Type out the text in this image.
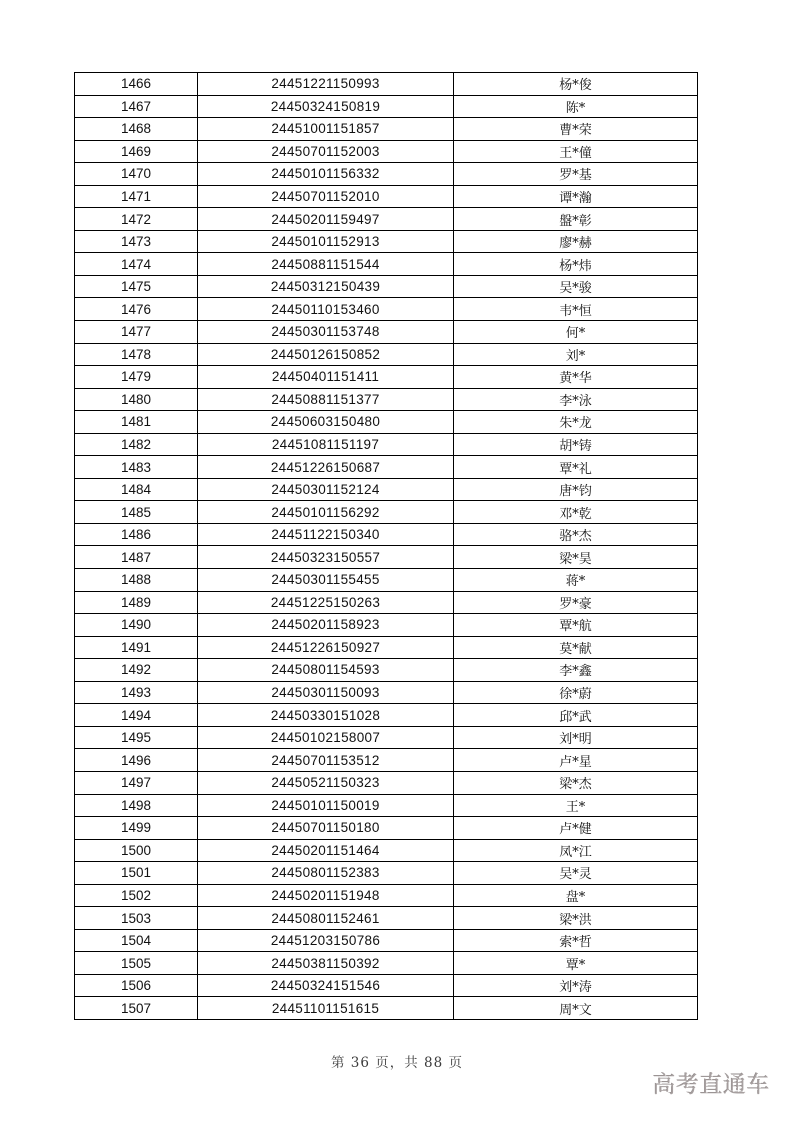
1466	24451221150993	杨*俊
1467	24450324150819	陈*
1468	24451001151857	曹*荣
1469	24450701152003	王*僮
1470	24450101156332	罗*基
1471	24450701152010	谭*瀚
1472	24450201159497	盤*彰
1473	24450101152913	廖*赫
1474	24450881151544	杨*炜
1475	24450312150439	吴*骏
1476	24450110153460	韦*恒
1477	24450301153748	何*
1478	24450126150852	刘*
1479	24450401151411	黄*华
1480	24450881151377	李*泳
1481	24450603150480	朱*龙
1482	24451081151197	胡*铸
1483	24451226150687	覃*礼
1484	24450301152124	唐*钧
1485	24450101156292	邓*乾
1486	24451122150340	骆*杰
1487	24450323150557	梁*昊
1488	24450301155455	蒋*
1489	24451225150263	罗*豪
1490	24450201158923	覃*航
1491	24451226150927	莫*献
1492	24450801154593	李*鑫
1493	24450301150093	徐*蔚
1494	24450330151028	邱*武
1495	24450102158007	刘*明
1496	24450701153512	卢*星
1497	24450521150323	梁*杰
1498	24450101150019	王*
1499	24450701150180	卢*健
1500	24450201151464	凤*江
1501	24450801152383	吴*灵
1502	24450201151948	盘*
1503	24450801152461	梁*洪
1504	24451203150786	索*哲
1505	24450381150392	覃*
1506	24450324151546	刘*涛
1507	24451101151615	周*文
第 36 页，共 88 页
高考直通车
